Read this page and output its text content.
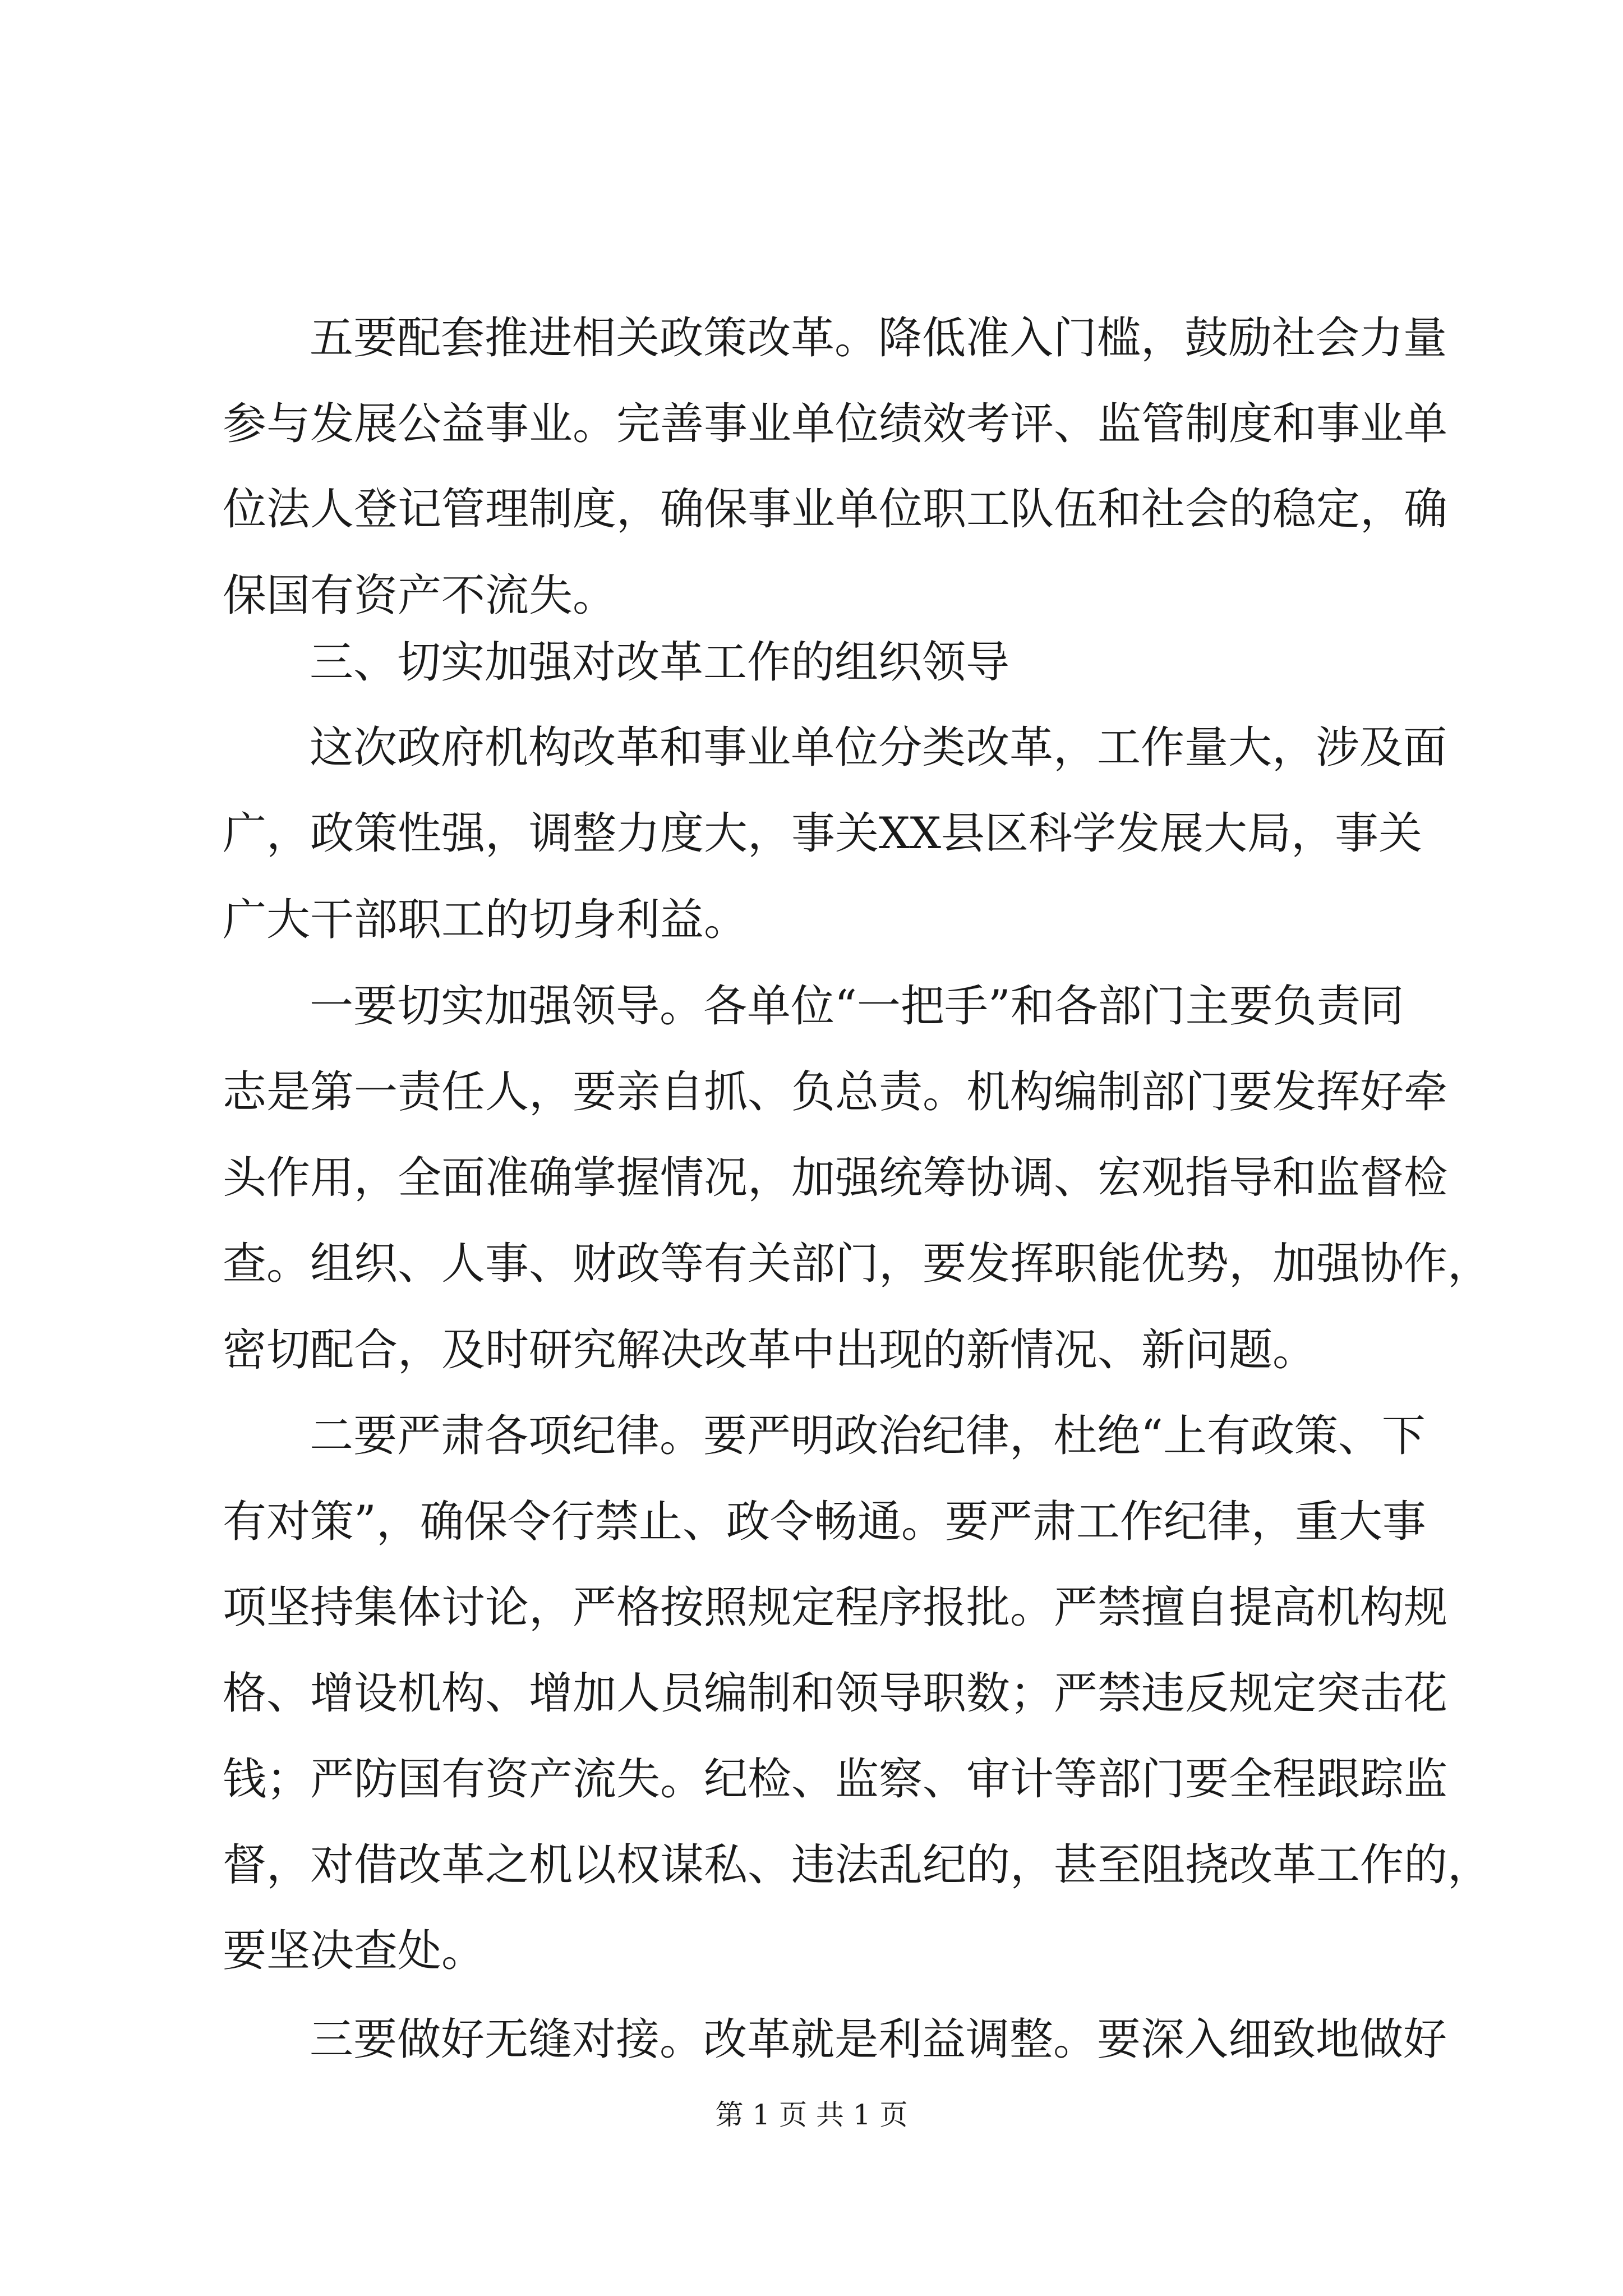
五要配套推进相关政策改革。降低准入门槛，鼓励社会力量
参与发展公益事业。完善事业单位绩效考评、监管制度和事业单
位法人登记管理制度，确保事业单位职工队伍和社会的稳定，确
保国有资产不流失。
三、切实加强对改革工作的组织领导
这次政府机构改革和事业单位分类改革，工作量大，涉及面
广，政策性强，调整力度大，事关XX县区科学发展大局，事关
广大干部职工的切身利益。
一要切实加强领导。各单位“一把手”和各部门主要负责同
志是第一责任人，要亲自抓、负总责。机构编制部门要发挥好牵
头作用，全面准确掌握情况，加强统筹协调、宏观指导和监督检
查。组织、人事、财政等有关部门，要发挥职能优势，加强协作，
密切配合，及时研究解决改革中出现的新情况、新问题。
二要严肃各项纪律。要严明政治纪律，杜绝“上有政策、下
有对策”，确保令行禁止、政令畅通。要严肃工作纪律，重大事
项坚持集体讨论，严格按照规定程序报批。严禁擅自提高机构规
格、增设机构、增加人员编制和领导职数；严禁违反规定突击花
钱；严防国有资产流失。纪检、监察、审计等部门要全程跟踪监
督，对借改革之机以权谋私、违法乱纪的，甚至阻挠改革工作的，
要坚决查处。
三要做好无缝对接。改革就是利益调整。要深入细致地做好
第 1 页 共 1 页
